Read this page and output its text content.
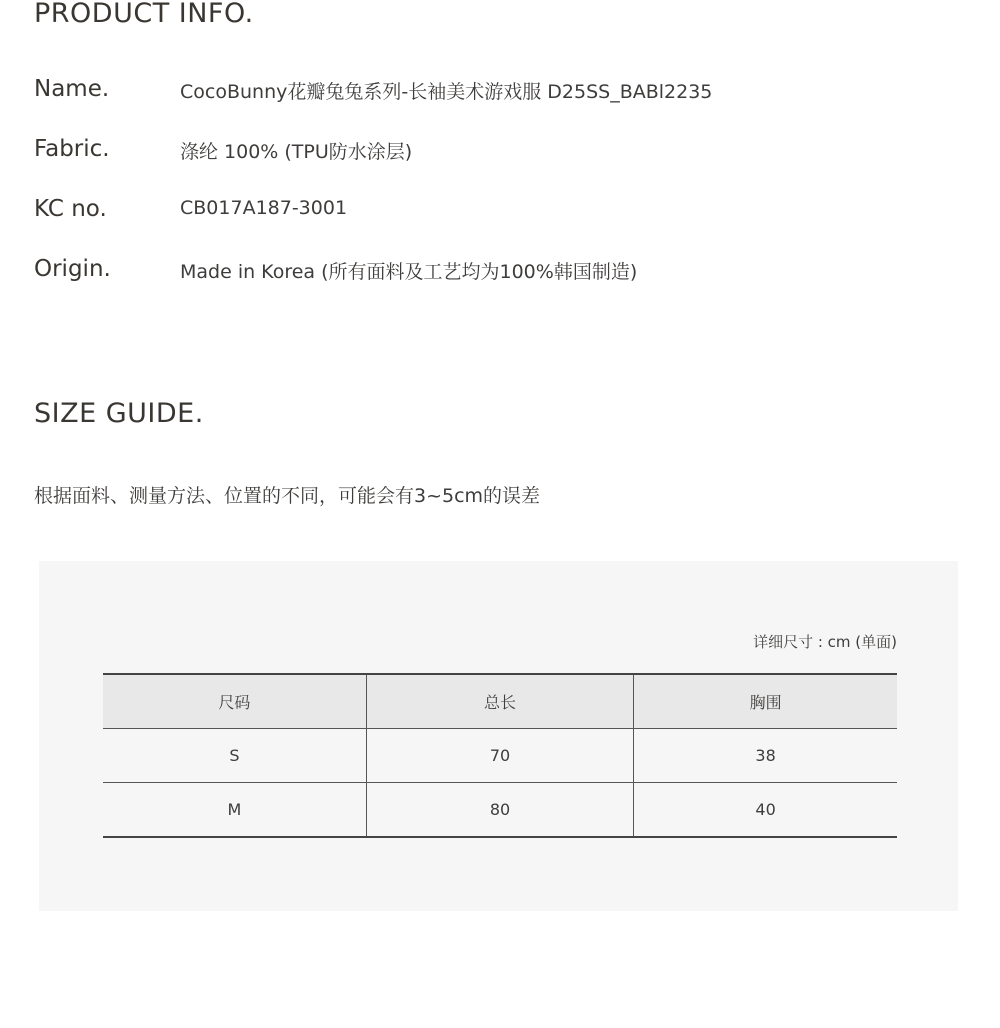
PRODUCT INFO.
Name.	CocoBunny花瓣兔兔系列-长袖美术游戏服 D25SS_BABl2235
Fabric.	涤纶 100% (TPU防水涂层)
KC no.	CB017A187-3001
Origin.	Made in Korea (所有面料及工艺均为100%韩国制造)
SIZE GUIDE.
根据面料、测量方法、位置的不同，可能会有3~5cm的误差
详细尺寸 : cm (单面)
尺码	总长	胸围
S	70	38
M	80	40
